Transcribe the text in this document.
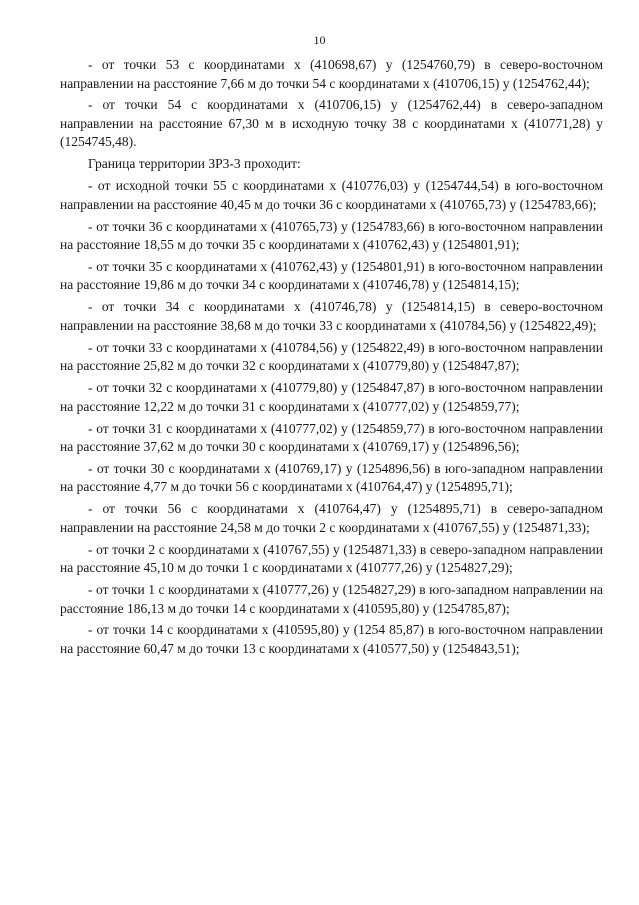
10

- от точки 53 с координатами х (410698,67) у (1254760,79) в северо-восточном направлении на расстояние 7,66 м до точки 54 с координатами х (410706,15) у (1254762,44);

- от точки 54 с координатами х (410706,15) у (1254762,44) в северо-западном направлении на расстояние 67,30 м в исходную точку 38 с координатами х (410771,28) у (1254745,48).

Граница территории ЗР3-3 проходит:

- от исходной точки 55 с координатами х (410776,03) у (1254744,54) в юго-восточном направлении на расстояние 40,45 м до точки 36 с координатами х (410765,73) у (1254783,66);

- от точки 36 с координатами х (410765,73) у (1254783,66) в юго-восточном направлении на расстояние 18,55 м до точки 35 с координатами х (410762,43) у (1254801,91);

- от точки 35 с координатами х (410762,43) у (1254801,91) в юго-восточном направлении на расстояние 19,86 м до точки 34 с координатами х (410746,78) у (1254814,15);

- от точки 34 с координатами х (410746,78) у (1254814,15) в северо-восточном направлении на расстояние 38,68 м до точки 33 с координатами х (410784,56) у (1254822,49);

- от точки 33 с координатами х (410784,56) у (1254822,49) в юго-восточном направлении на расстояние 25,82 м до точки 32 с координатами х (410779,80) у (1254847,87);

- от точки 32 с координатами х (410779,80) у (1254847,87) в юго-восточном направлении на расстояние 12,22 м до точки 31 с координатами х (410777,02) у (1254859,77);

- от точки 31 с координатами х (410777,02) у (1254859,77) в юго-восточном направлении на расстояние 37,62 м до точки 30 с координатами х (410769,17) у (1254896,56);

- от точки 30 с координатами х (410769,17) у (1254896,56) в юго-западном направлении на расстояние 4,77 м до точки 56 с координатами х (410764,47) у (1254895,71);

- от точки 56 с координатами х (410764,47) у (1254895,71) в северо-западном направлении на расстояние 24,58 м до точки 2 с координатами х (410767,55) у (1254871,33);

- от точки 2 с координатами х (410767,55) у (1254871,33) в северо-западном направлении на расстояние 45,10 м до точки 1 с координатами х (410777,26) у (1254827,29);

- от точки 1 с координатами х (410777,26) у (1254827,29) в юго-западном направлении на расстояние 186,13 м до точки 14 с координатами х (410595,80) у (1254785,87);

- от точки 14 с координатами х (410595,80) у (1254 85,87) в юго-восточном направлении на расстояние 60,47 м до точки 13 с координатами х (410577,50) у (1254843,51);
